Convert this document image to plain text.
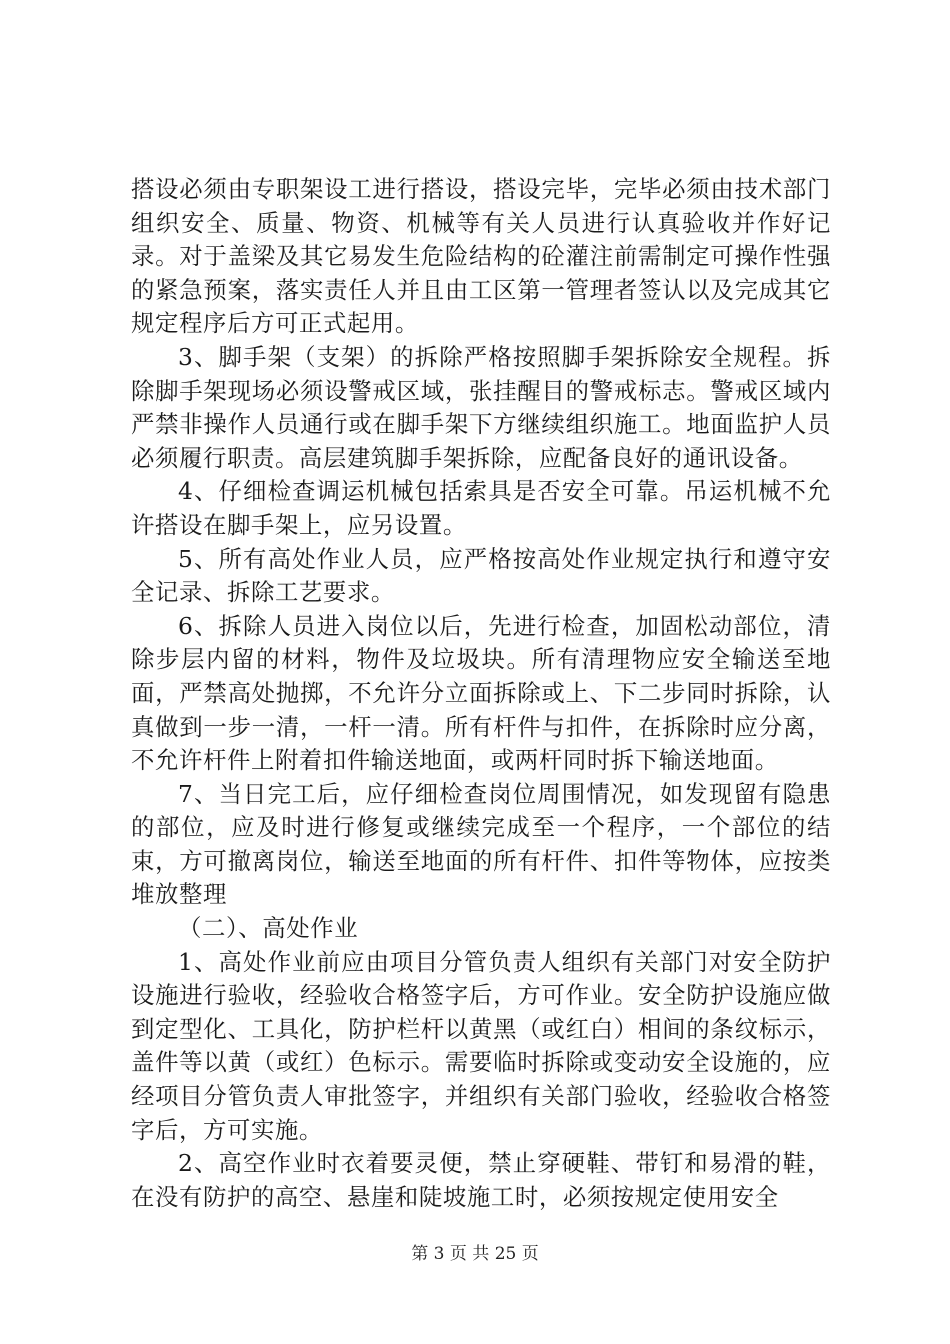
搭设必须由专职架设工进行搭设，搭设完毕，完毕必须由技术部门组织安全、质量、物资、机械等有关人员进行认真验收并作好记录。对于盖梁及其它易发生危险结构的砼灌注前需制定可操作性强的紧急预案，落实责任人并且由工区第一管理者签认以及完成其它规定程序后方可正式起用。

3、脚手架（支架）的拆除严格按照脚手架拆除安全规程。拆除脚手架现场必须设警戒区域，张挂醒目的警戒标志。警戒区域内严禁非操作人员通行或在脚手架下方继续组织施工。地面监护人员必须履行职责。高层建筑脚手架拆除，应配备良好的通讯设备。

4、仔细检查调运机械包括索具是否安全可靠。吊运机械不允许搭设在脚手架上，应另设置。

5、所有高处作业人员，应严格按高处作业规定执行和遵守安全记录、拆除工艺要求。

6、拆除人员进入岗位以后，先进行检查，加固松动部位，清除步层内留的材料，物件及垃圾块。所有清理物应安全输送至地面，严禁高处抛掷，不允许分立面拆除或上、下二步同时拆除，认真做到一步一清，一杆一清。所有杆件与扣件，在拆除时应分离，不允许杆件上附着扣件输送地面，或两杆同时拆下输送地面。

7、当日完工后，应仔细检查岗位周围情况，如发现留有隐患的部位，应及时进行修复或继续完成至一个程序，一个部位的结束，方可撤离岗位，输送至地面的所有杆件、扣件等物体，应按类堆放整理

（二）、高处作业

1、高处作业前应由项目分管负责人组织有关部门对安全防护设施进行验收，经验收合格签字后，方可作业。安全防护设施应做到定型化、工具化，防护栏杆以黄黑（或红白）相间的条纹标示，盖件等以黄（或红）色标示。需要临时拆除或变动安全设施的，应经项目分管负责人审批签字，并组织有关部门验收，经验收合格签字后，方可实施。

2、高空作业时衣着要灵便，禁止穿硬鞋、带钉和易滑的鞋，在没有防护的高空、悬崖和陡坡施工时，必须按规定使用安全

第 3 页 共 25 页
